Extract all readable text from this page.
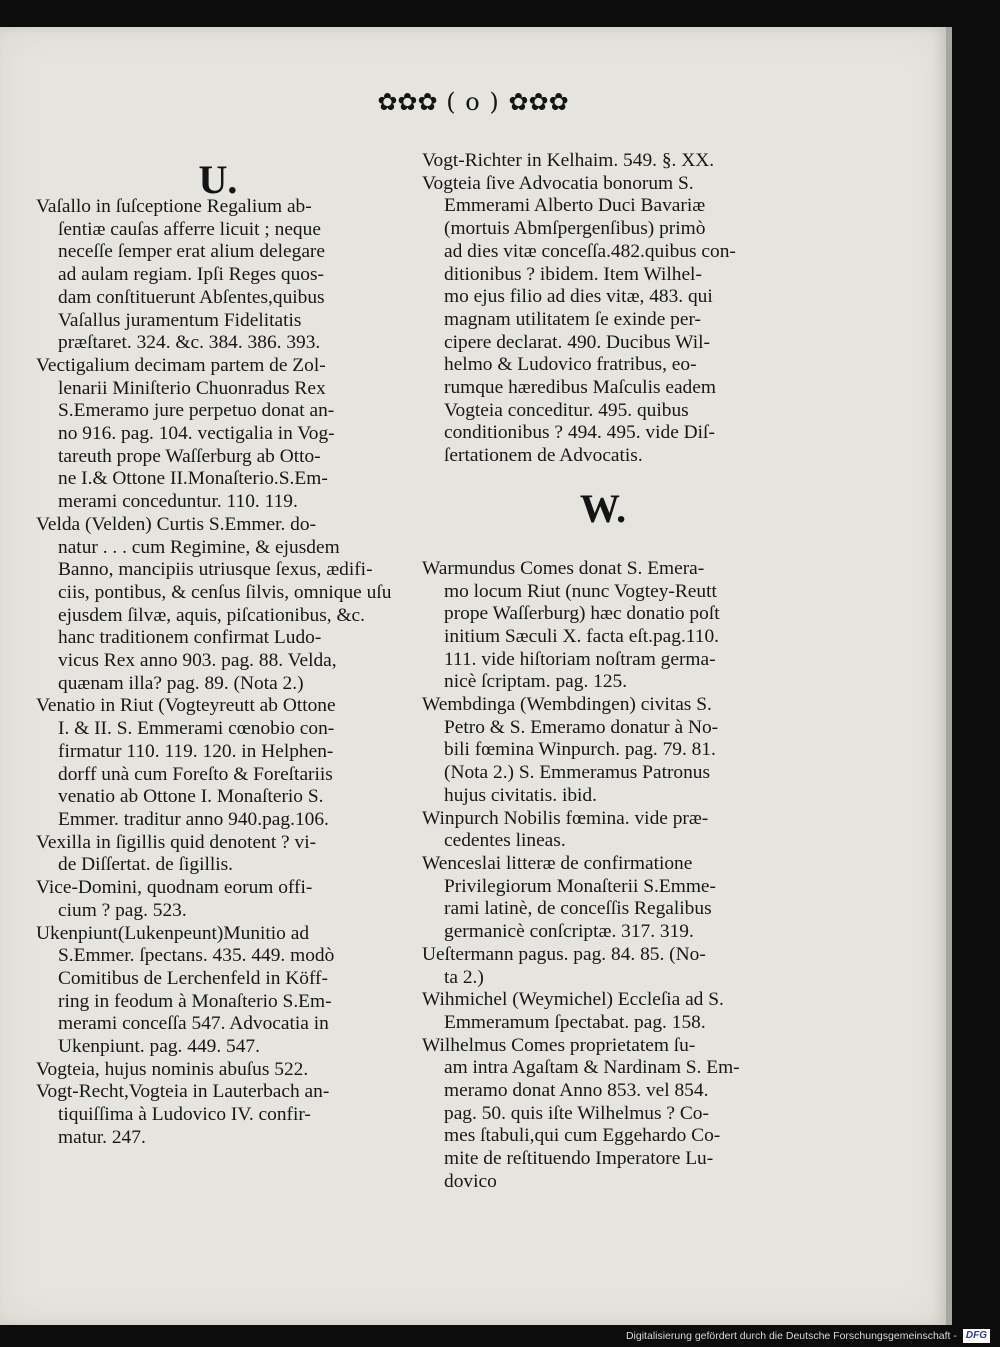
✿✿✿ ( o ) ✿✿✿
U.

Vaſallo in ſuſceptione Regalium ab-
ſentiæ cauſas afferre licuit ; neque
neceſſe ſemper erat alium delegare
ad aulam regiam. Ipſi Reges quos-
dam conſtituerunt Abſentes,quibus
Vaſallus juramentum Fidelitatis
præſtaret. 324. &c. 384. 386. 393.

Vectigalium decimam partem de Zol-
lenarii Miniſterio Chuonradus Rex
S.Emeramo jure perpetuo donat an-
no 916. pag. 104. vectigalia in Vog-
tareuth prope Waſſerburg ab Otto-
ne I.& Ottone II.Monaſterio.S.Em-
merami conceduntur. 110. 119.

Velda (Velden) Curtis S.Emmer. do-
natur . . . cum Regimine, & ejusdem
Banno, mancipiis utriusque ſexus, ædifi-
ciis, pontibus, & cenſus ſilvis, omnique uſu
ejusdem ſilvæ, aquis, piſcationibus, &c.
hanc traditionem confirmat Ludo-
vicus Rex anno 903. pag. 88. Velda,
quænam illa? pag. 89. (Nota 2.)

Venatio in Riut (Vogteyreutt ab Ottone
I. & II. S. Emmerami cœnobio con-
firmatur 110. 119. 120. in Helphen-
dorff unà cum Foreſto & Foreſtariis
venatio ab Ottone I. Monaſterio S.
Emmer. traditur anno 940.pag.106.

Vexilla in ſigillis quid denotent ? vi-
de Diſſertat. de ſigillis.

Vice-Domini, quodnam eorum offi-
cium ? pag. 523.

Ukenpiunt(Lukenpeunt)Munitio ad
S.Emmer. ſpectans. 435. 449. modò
Comitibus de Lerchenfeld in Köff-
ring in feodum à Monaſterio S.Em-
merami conceſſa 547. Advocatia in
Ukenpiunt. pag. 449. 547.

Vogteia, hujus nominis abuſus 522.

Vogt-Recht,Vogteia in Lauterbach an-
tiquiſſima à Ludovico IV. confir-
matur. 247.

Vogt-Richter in Kelhaim. 549. §. XX.

Vogteia ſive Advocatia bonorum S.
Emmerami Alberto Duci Bavariæ
(mortuis Abmſpergenſibus) primò
ad dies vitæ conceſſa.482.quibus con-
ditionibus ? ibidem. Item Wilhel-
mo ejus filio ad dies vitæ, 483. qui
magnam utilitatem ſe exinde per-
cipere declarat. 490. Ducibus Wil-
helmo & Ludovico fratribus, eo-
rumque hæredibus Maſculis eadem
Vogteia conceditur. 495. quibus
conditionibus ? 494. 495. vide Diſ-
ſertationem de Advocatis.

Warmundus Comes donat S. Emera-
mo locum Riut (nunc Vogtey-Reutt
prope Waſſerburg) hæc donatio poſt
initium Sæculi X. facta eſt.pag.110.
111. vide hiſtoriam noſtram germa-
nicè ſcriptam. pag. 125.

Wembdinga (Wembdingen) civitas S.
Petro & S. Emeramo donatur à No-
bili fœmina Winpurch. pag. 79. 81.
(Nota 2.) S. Emmeramus Patronus
hujus civitatis. ibid.

Winpurch Nobilis fœmina. vide præ-
cedentes lineas.

Wenceslai litteræ de confirmatione
Privilegiorum Monaſterii S.Emme-
rami latinè, de conceſſis Regalibus
germanicè conſcriptæ. 317. 319.

Ueſtermann pagus. pag. 84. 85. (No-
ta 2.)

Wihmichel (Weymichel) Eccleſia ad S.
Emmeramum ſpectabat. pag. 158.

Wilhelmus Comes proprietatem ſu-
am intra Agaſtam & Nardinam S. Em-
meramo donat Anno 853. vel 854.
pag. 50. quis iſte Wilhelmus ? Co-
mes ſtabuli,qui cum Eggehardo Co-
mite de reſtituendo Imperatore Lu-
dovico

W.
Digitalisierung gefördert durch die Deutsche Forschungsgemeinschaft - DFG
